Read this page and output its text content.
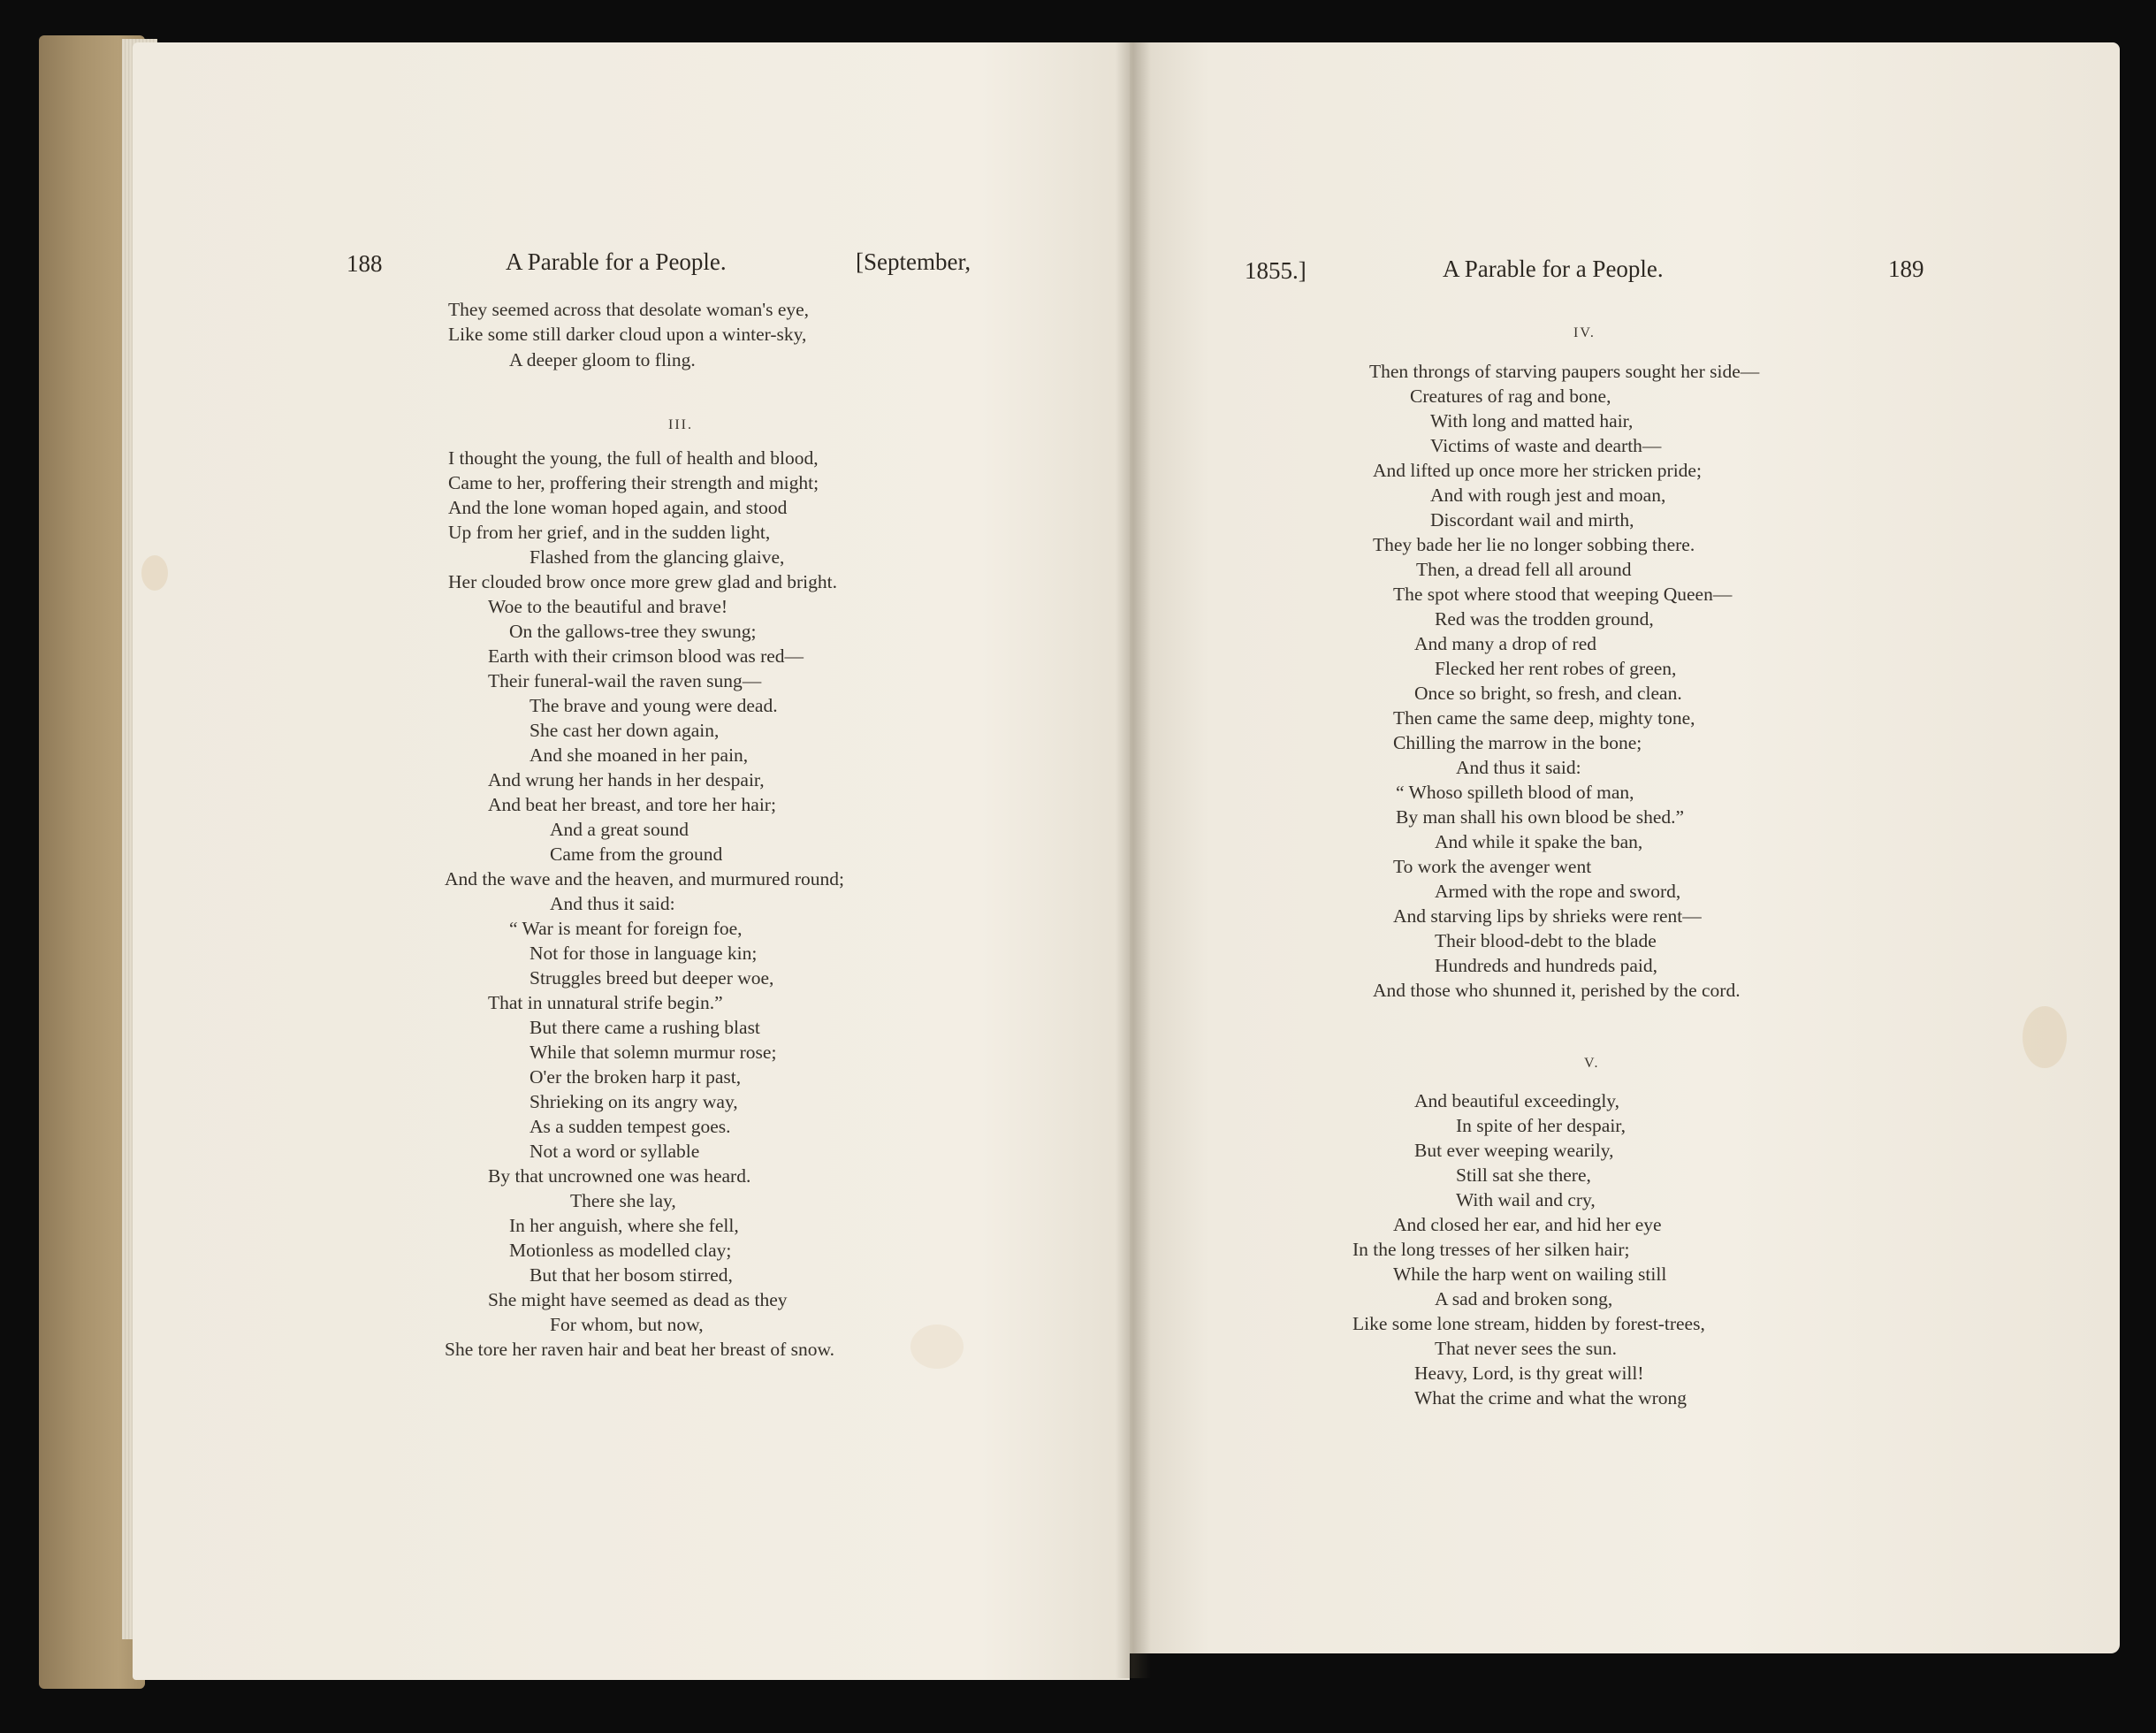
188	A Parable for a People.	[September,
They seemed across that desolate woman's eye,
Like some still darker cloud upon a winter-sky,
A deeper gloom to fling.
III.
I thought the young, the full of health and blood,
Came to her, proffering their strength and might;
And the lone woman hoped again, and stood
Up from her grief, and in the sudden light,
Flashed from the glancing glaive,
Her clouded brow once more grew glad and bright.
Woe to the beautiful and brave!
On the gallows-tree they swung;
Earth with their crimson blood was red—
Their funeral-wail the raven sung—
The brave and young were dead.
She cast her down again,
And she moaned in her pain,
And wrung her hands in her despair,
And beat her breast, and tore her hair;
And a great sound
Came from the ground
And the wave and the heaven, and murmured round;
And thus it said:
“ War is meant for foreign foe,
Not for those in language kin;
Struggles breed but deeper woe,
That in unnatural strife begin.”
But there came a rushing blast
While that solemn murmur rose;
O'er the broken harp it past,
Shrieking on its angry way,
As a sudden tempest goes.
Not a word or syllable
By that uncrowned one was heard.
There she lay,
In her anguish, where she fell,
Motionless as modelled clay;
But that her bosom stirred,
She might have seemed as dead as they
For whom, but now,
She tore her raven hair and beat her breast of snow.
1855.]	A Parable for a People.	189
IV.
Then throngs of starving paupers sought her side—
Creatures of rag and bone,
With long and matted hair,
Victims of waste and dearth—
And lifted up once more her stricken pride;
And with rough jest and moan,
Discordant wail and mirth,
They bade her lie no longer sobbing there.
Then, a dread fell all around
The spot where stood that weeping Queen—
Red was the trodden ground,
And many a drop of red
Flecked her rent robes of green,
Once so bright, so fresh, and clean.
Then came the same deep, mighty tone,
Chilling the marrow in the bone;
And thus it said:
“ Whoso spilleth blood of man,
By man shall his own blood be shed.”
And while it spake the ban,
To work the avenger went
Armed with the rope and sword,
And starving lips by shrieks were rent—
Their blood-debt to the blade
Hundreds and hundreds paid,
And those who shunned it, perished by the cord.
V.
And beautiful exceedingly,
In spite of her despair,
But ever weeping wearily,
Still sat she there,
With wail and cry,
And closed her ear, and hid her eye
In the long tresses of her silken hair;
While the harp went on wailing still
A sad and broken song,
Like some lone stream, hidden by forest-trees,
That never sees the sun.
Heavy, Lord, is thy great will!
What the crime and what the wrong
